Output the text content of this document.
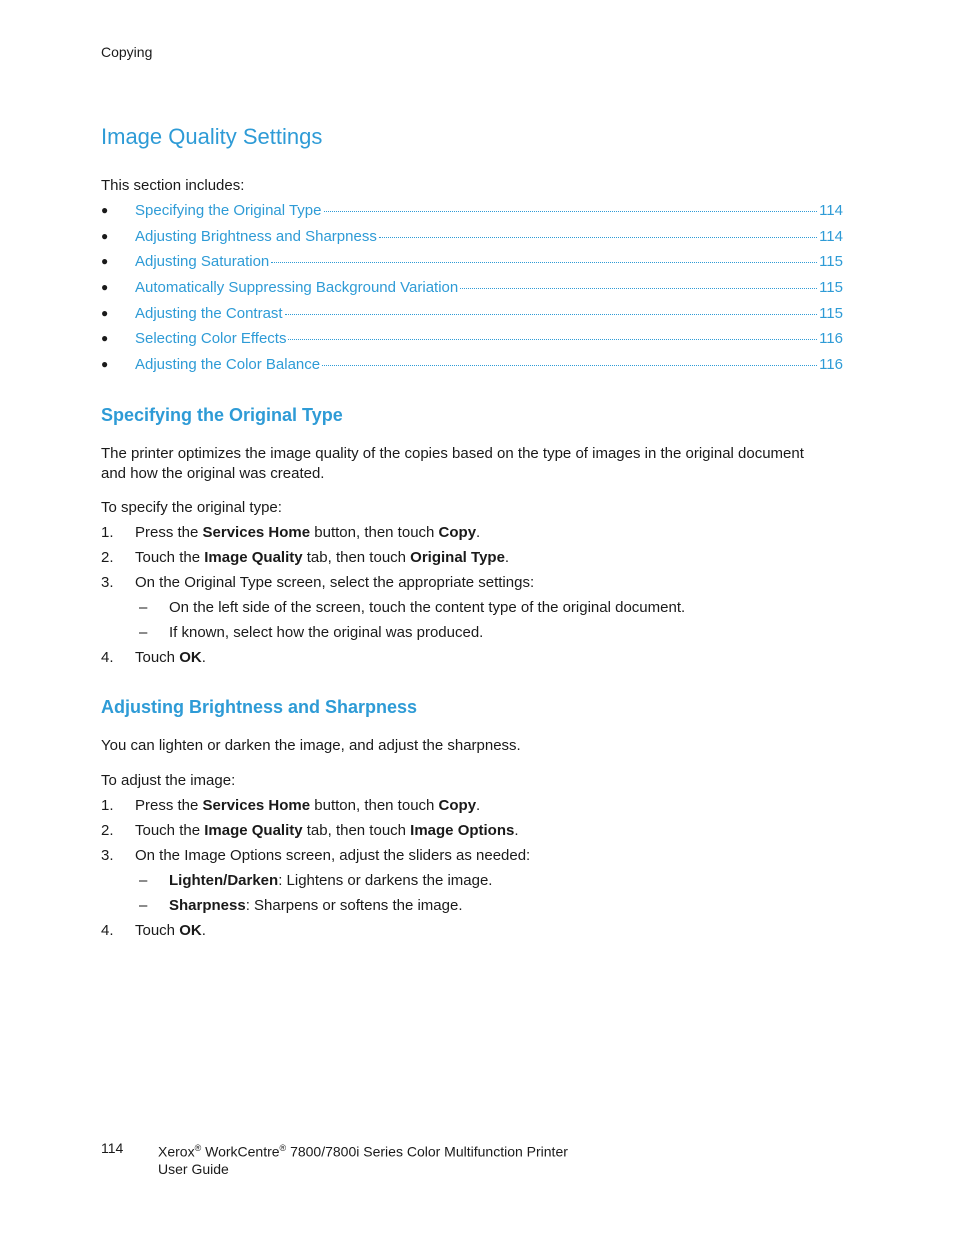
Copying
Image Quality Settings
This section includes:
● Specifying the Original Type	114
● Adjusting Brightness and Sharpness	114
● Adjusting Saturation	115
● Automatically Suppressing Background Variation	115
● Adjusting the Contrast	115
● Selecting Color Effects	116
● Adjusting the Color Balance	116
Specifying the Original Type

The printer optimizes the image quality of the copies based on the type of images in the original document and how the original was created.

To specify the original type:
1. Press the Services Home button, then touch Copy.
2. Touch the Image Quality tab, then touch Original Type.
3. On the Original Type screen, select the appropriate settings:
– On the left side of the screen, touch the content type of the original document.
– If known, select how the original was produced.
4. Touch OK.
Adjusting Brightness and Sharpness

You can lighten or darken the image, and adjust the sharpness.

To adjust the image:
1. Press the Services Home button, then touch Copy.
2. Touch the Image Quality tab, then touch Image Options.
3. On the Image Options screen, adjust the sliders as needed:
– Lighten/Darken: Lightens or darkens the image.
– Sharpness: Sharpens or softens the image.
4. Touch OK.
114 Xerox® WorkCentre® 7800/7800i Series Color Multifunction Printer
User Guide
